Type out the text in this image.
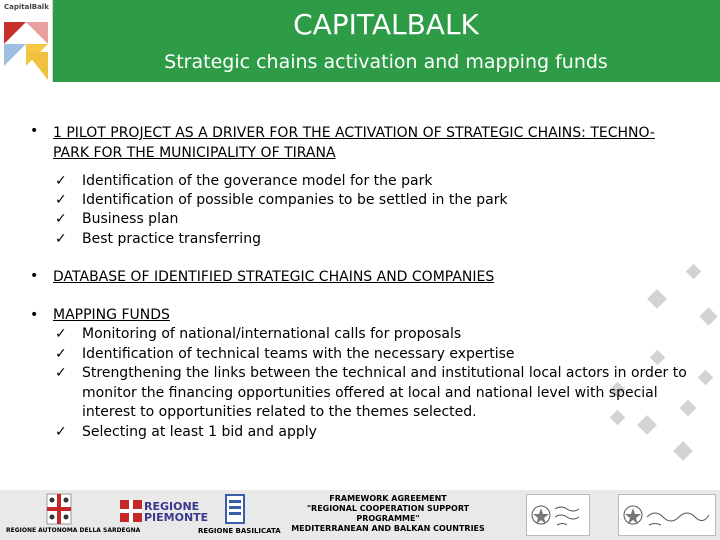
CapitalBalk
· · · · · · · ·
· · · · · · ·	CAPITALBALK
Strategic chains activation and mapping funds
• 1 PILOT PROJECT AS A DRIVER FOR THE ACTIVATION OF STRATEGIC CHAINS: TECHNO-
PARK FOR THE MUNICIPALITY OF TIRANA
✓ Identification of the goverance model for the park
✓ Identification of possible companies to be settled in the park
✓ Business plan
✓ Best practice transferring
• DATABASE OF IDENTIFIED STRATEGIC CHAINS AND COMPANIES
• MAPPING FUNDS
✓ Monitoring of national/international calls for proposals
✓ Identification of technical teams with the necessary expertise
✓ Strengthening the links between the technical and institutional local actors in order to
monitor the financing opportunities offered at local and national level with special
interest to opportunities related to the themes selected.
✓ Selecting at least 1 bid and apply
REGIONE AUTONOMA DELLA SARDEGNA
REGIONE
PIEMONTE
REGIONE BASILICATA
FRAMEWORK AGREEMENT
"REGIONAL COOPERATION SUPPORT PROGRAMME"
MEDITERRANEAN AND BALKAN COUNTRIES
